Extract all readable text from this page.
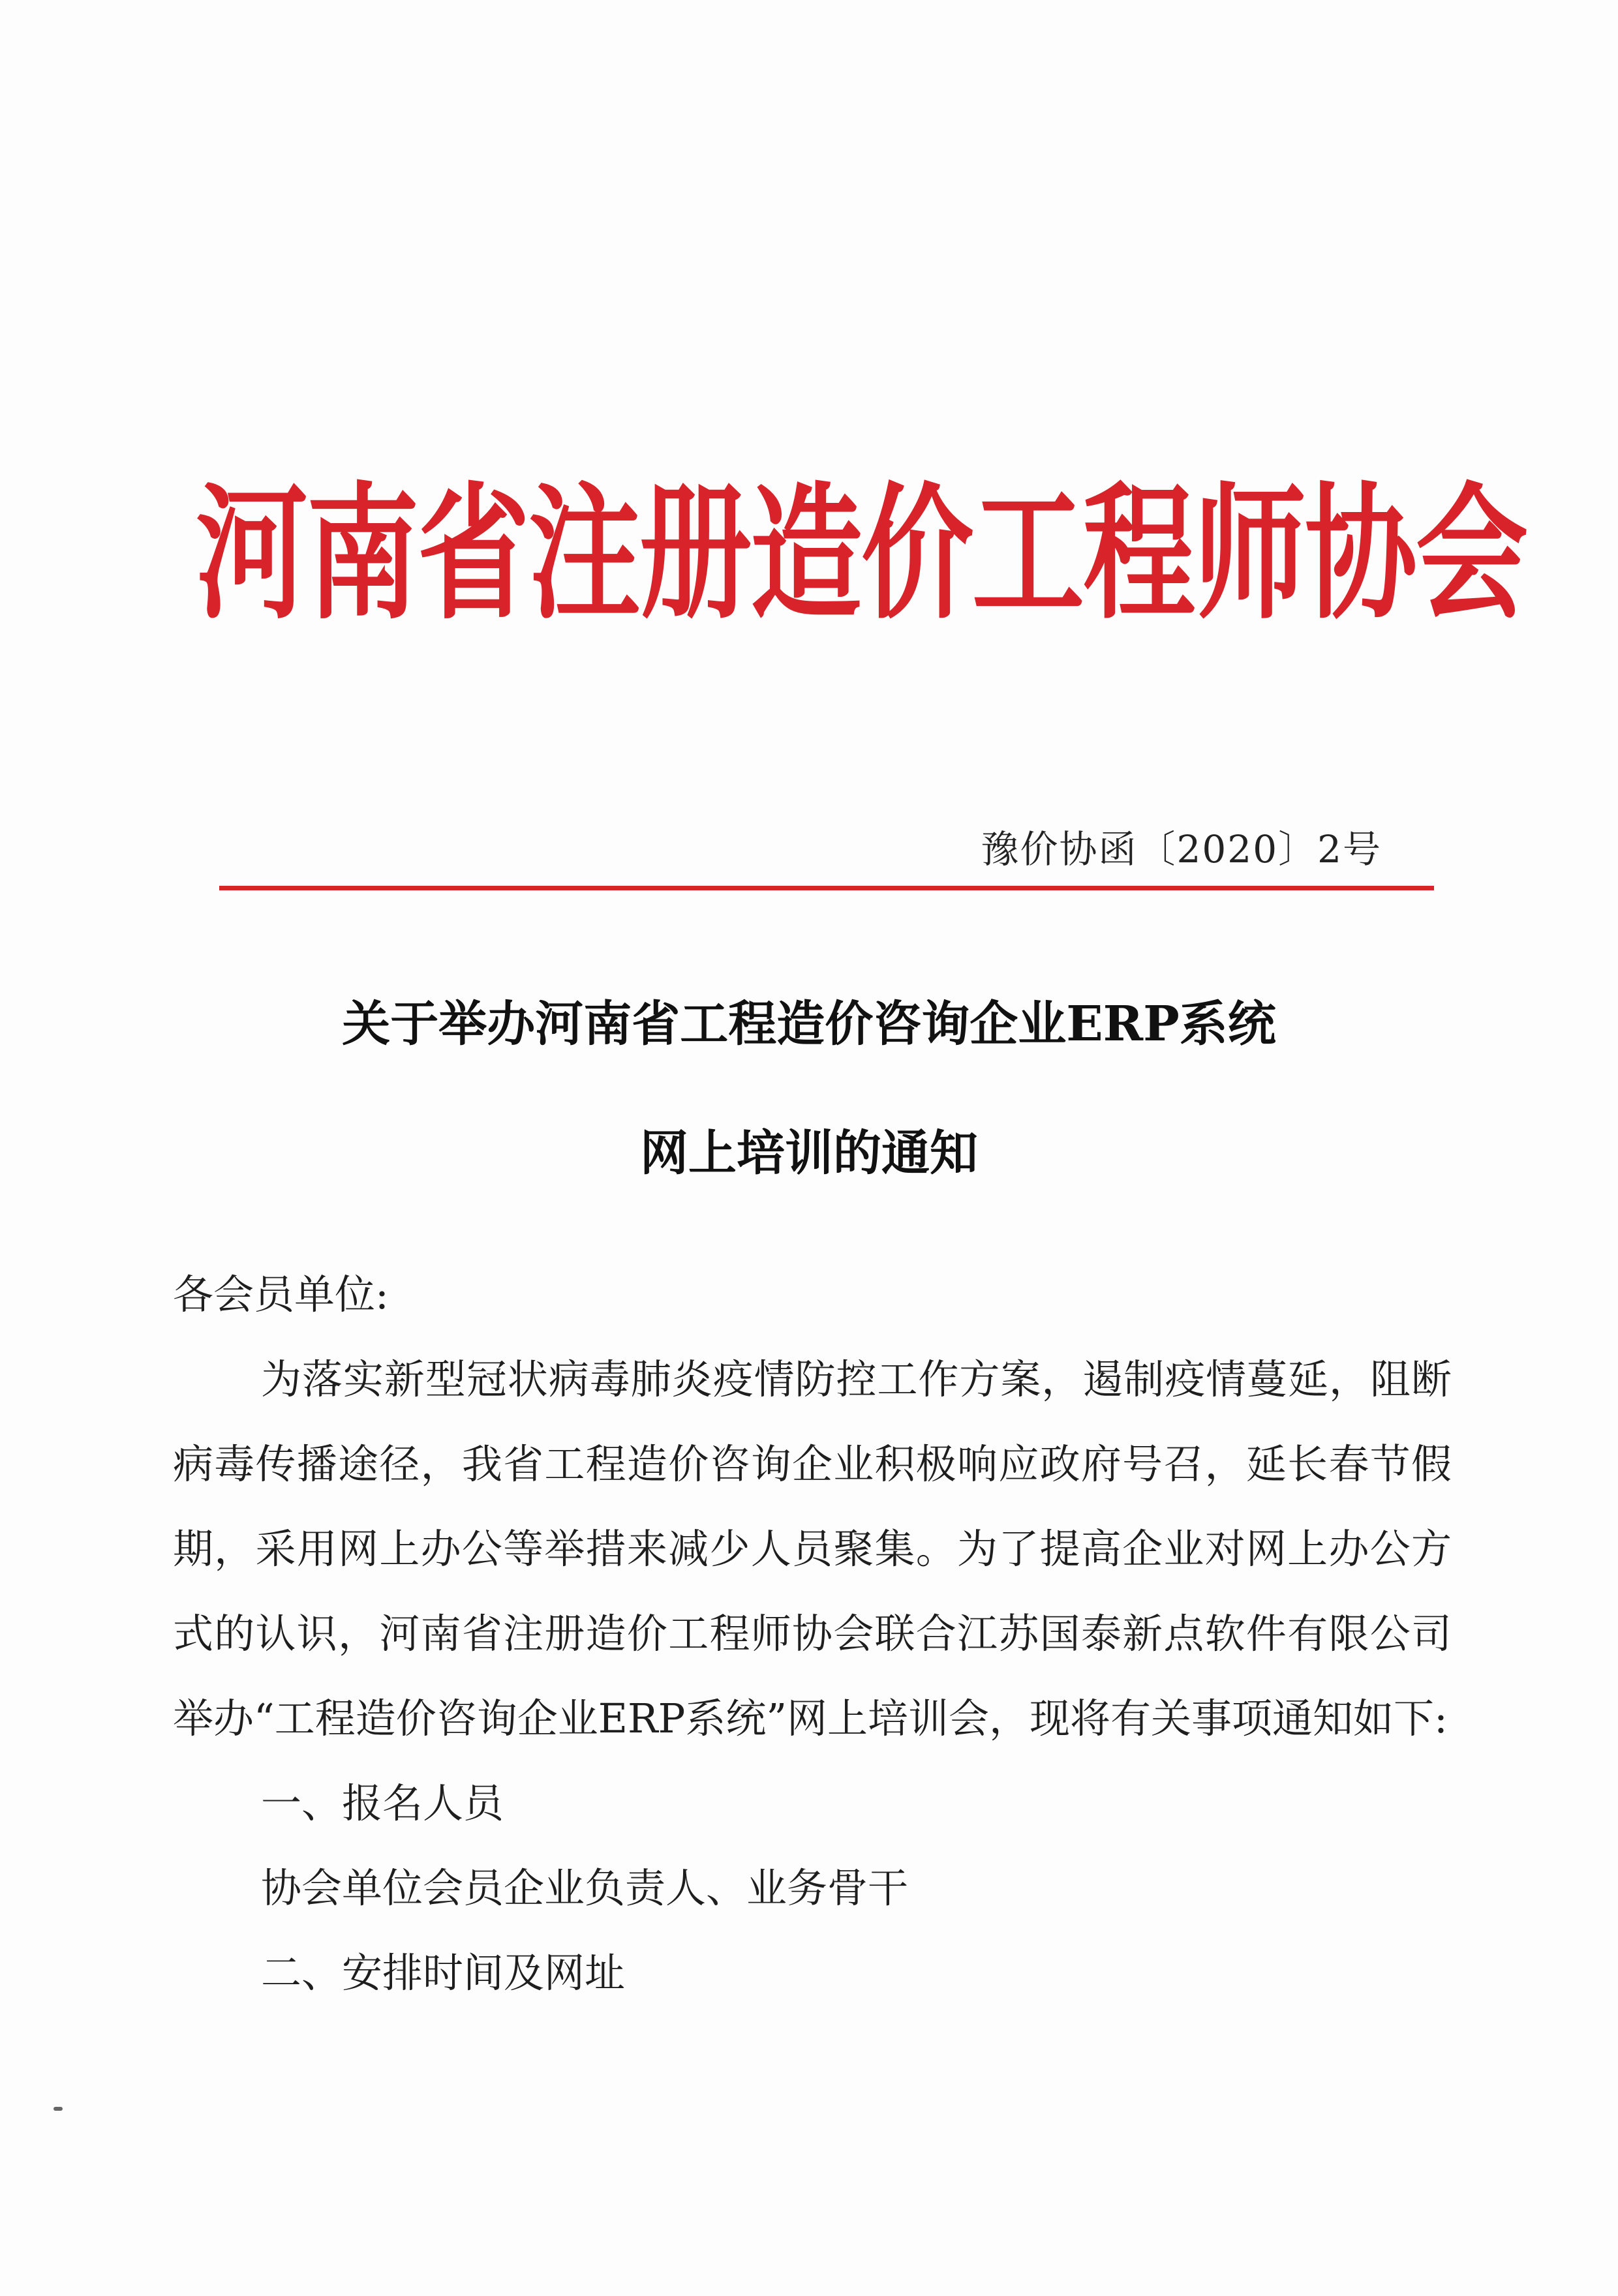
河南省注册造价工程师协会
豫价协函〔2020〕2号
关于举办河南省工程造价咨询企业ERP系统
网上培训的通知

各会员单位:

为落实新型冠状病毒肺炎疫情防控工作方案，遏制疫情蔓延，阻断病毒传播途径，我省工程造价咨询企业积极响应政府号召，延长春节假期，采用网上办公等举措来减少人员聚集。为了提高企业对网上办公方式的认识，河南省注册造价工程师协会联合江苏国泰新点软件有限公司举办“工程造价咨询企业ERP系统”网上培训会，现将有关事项通知如下:

一、报名人员

协会单位会员企业负责人、业务骨干

二、安排时间及网址
